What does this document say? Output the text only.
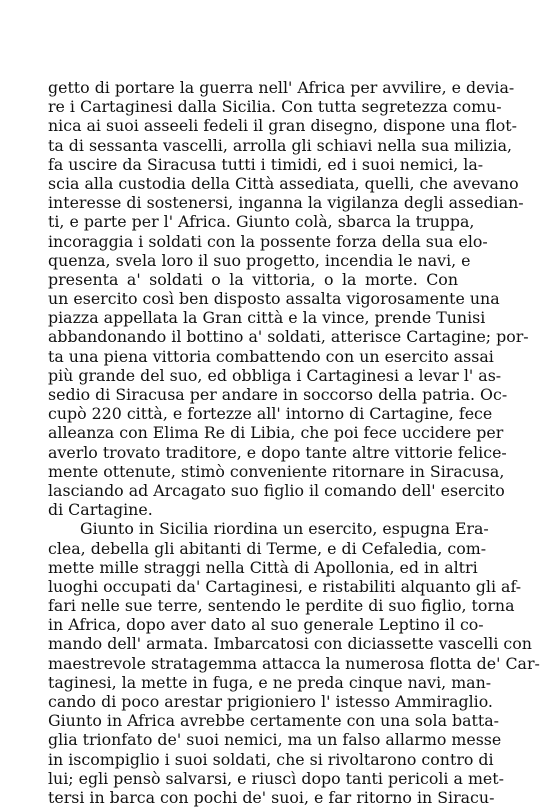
getto di portare la guerra nell' Africa per avvilire, e devia-
re i Cartaginesi dalla Sicilia. Con tutta segretezza comu-
nica ai suoi asseeli fedeli il gran disegno, dispone una flot-
ta di sessanta vascelli, arrolla gli schiavi nella sua milizia,
fa uscire da Siracusa tutti i timidi, ed i suoi nemici, la-
scia alla custodia della Città assediata, quelli, che avevano
interesse di sostenersi, inganna la vigilanza degli assedian-
ti, e parte per l' Africa. Giunto colà, sbarca la truppa,
incoraggia i soldati con la possente forza della sua elo-
quenza, svela loro il suo progetto, incendia le navi, e
presenta a' soldati o la vittoria, o la morte. Con
un esercito così ben disposto assalta vigorosamente una
piazza appellata la Gran città e la vince, prende Tunisi
abbandonando il bottino a' soldati, atterisce Cartagine; por-
ta una piena vittoria combattendo con un esercito assai
più grande del suo, ed obbliga i Cartaginesi a levar l' as-
sedio di Siracusa per andare in soccorso della patria. Oc-
cupò 220 città, e fortezze all' intorno di Cartagine, fece
alleanza con Elima Re di Libia, che poi fece uccidere per
averlo trovato traditore, e dopo tante altre vittorie felice-
mente ottenute, stimò conveniente ritornare in Siracusa,
lasciando ad Arcagato suo figlio il comando dell' esercito
di Cartagine.
Giunto in Sicilia riordina un esercito, espugna Era-
clea, debella gli abitanti di Terme, e di Cefaledia, com-
mette mille straggi nella Città di Apollonia, ed in altri
luoghi occupati da' Cartaginesi, e ristabiliti alquanto gli af-
fari nelle sue terre, sentendo le perdite di suo figlio, torna
in Africa, dopo aver dato al suo generale Leptino il co-
mando dell' armata. Imbarcatosi con diciassette vascelli con
maestrevole stratagemma attacca la numerosa flotta de' Car-
taginesi, la mette in fuga, e ne preda cinque navi, man-
cando di poco arestar prigioniero l' istesso Ammiraglio.
Giunto in Africa avrebbe certamente con una sola batta-
glia trionfato de' suoi nemici, ma un falso allarmo messe
in iscompiglio i suoi soldati, che si rivoltarono contro di
lui; egli pensò salvarsi, e riuscì dopo tanti pericoli a met-
tersi in barca con pochi de' suoi, e far ritorno in Siracu-
